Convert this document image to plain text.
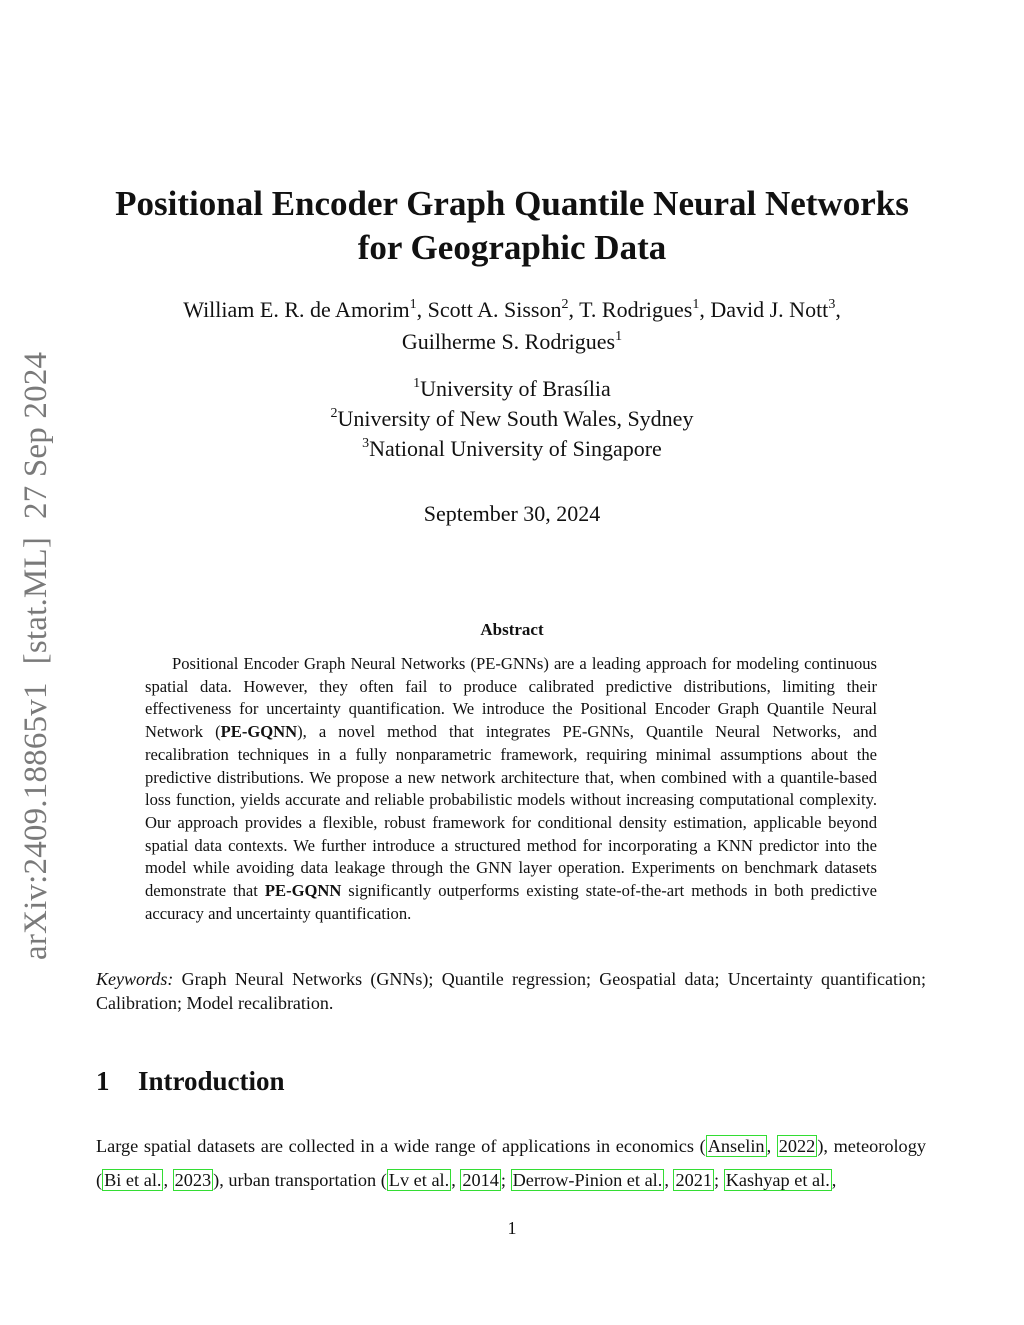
arXiv:2409.18865v1[stat.ML]27 Sep 2024
Positional Encoder Graph Quantile Neural Networks
for Geographic Data
William E. R. de Amorim$^1$, Scott A. Sisson$^2$, T. Rodrigues$^1$, David J. Nott$^3$,
Guilherme S. Rodrigues$^1$
$^1$University of Brasília
$^2$University of New South Wales, Sydney
$^3$National University of Singapore
September 30, 2024
Abstract

Positional Encoder Graph Neural Networks (PE-GNNs) are a leading approach for modeling continuous spatial data. However, they often fail to produce calibrated predictive distributions, limiting their effectiveness for uncertainty quantification. We introduce the Positional Encoder Graph Quantile Neural Network (PE-GQNN), a novel method that integrates PE-GNNs, Quantile Neural Networks, and recalibration techniques in a fully nonparametric framework, requiring minimal assumptions about the predictive distributions. We propose a new network architecture that, when combined with a quantile-based loss function, yields accurate and reliable probabilistic models without increasing computational complexity. Our approach provides a flexible, robust framework for conditional density estimation, applicable beyond spatial data contexts. We further introduce a structured method for incorporating a KNN predictor into the model while avoiding data leakage through the GNN layer operation. Experiments on benchmark datasets demonstrate that PE-GQNN significantly outperforms existing state-of-the-art methods in both predictive accuracy and uncertainty quantification.

Keywords: Graph Neural Networks (GNNs); Quantile regression; Geospatial data; Uncertainty quantification; Calibration; Model recalibration.
1 Introduction

Large spatial datasets are collected in a wide range of applications in economics ( Anselin , 2022 ), meteorology ( Bi et al. , 2023 ), urban transportation ( Lv et al. , 2014 ; Derrow-Pinion et al. , 2021 ; Kashyap et al. ,

1
